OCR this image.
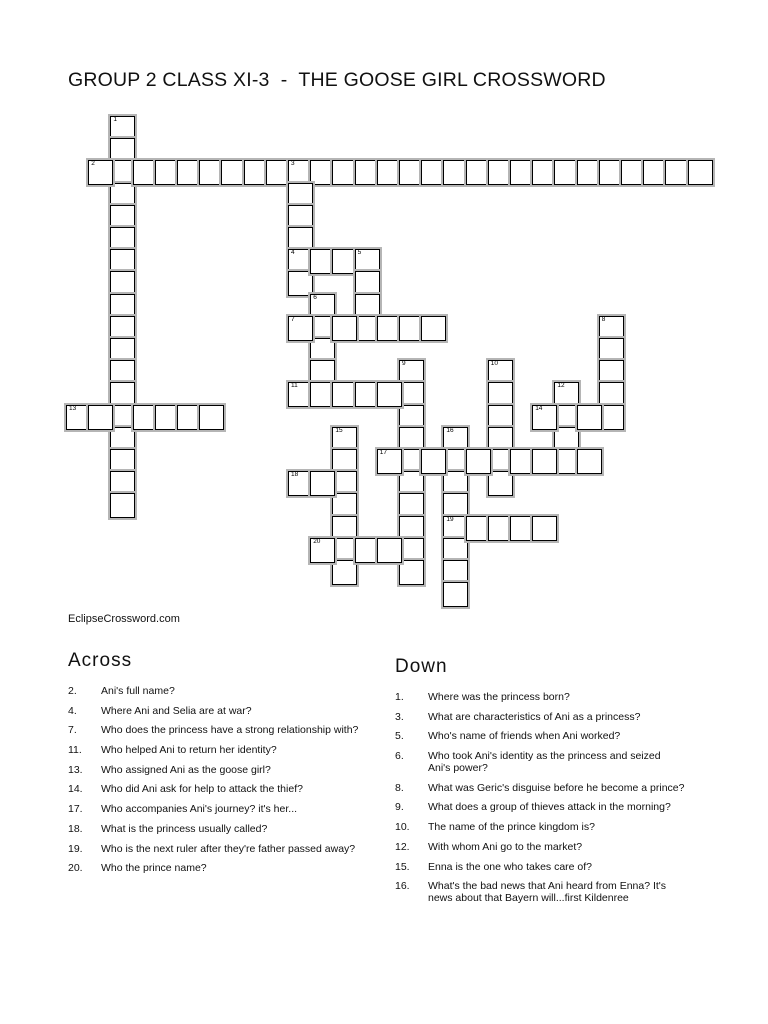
GROUP 2 CLASS XI-3  -  THE GOOSE GIRL CROSSWORD
1
2	3
4	5
6
7	8
9	10
11	12
13	14
15	16
19
17
18
20
EclipseCrossword.com
Across
2.	Ani's full name?
4.	Where Ani and Selia are at war?
7.	Who does the princess have a strong relationship with?
11.	Who helped Ani to return her identity?
13.	Who assigned Ani as the goose girl?
14.	Who did Ani ask for help to attack the thief?
17.	Who accompanies Ani's journey? it's her...
18.	What is the princess usually called?
19.	Who is the next ruler after they're father passed away?
20.	Who the prince name?
Down
1.	Where was the princess born?
3.	What are characteristics of Ani as a princess?
5.	Who's name of friends when Ani worked?
6.	Who took Ani's identity as the princess and seized Ani's power?
8.	What was Geric's disguise before he become a prince?
9.	What does a group of thieves attack in the morning?
10.	The name of the prince kingdom is?
12.	With whom Ani go to the market?
15.	Enna is the one who takes care of?
16.	What's the bad news that Ani heard from Enna? It's news about that Bayern will...first Kildenree
